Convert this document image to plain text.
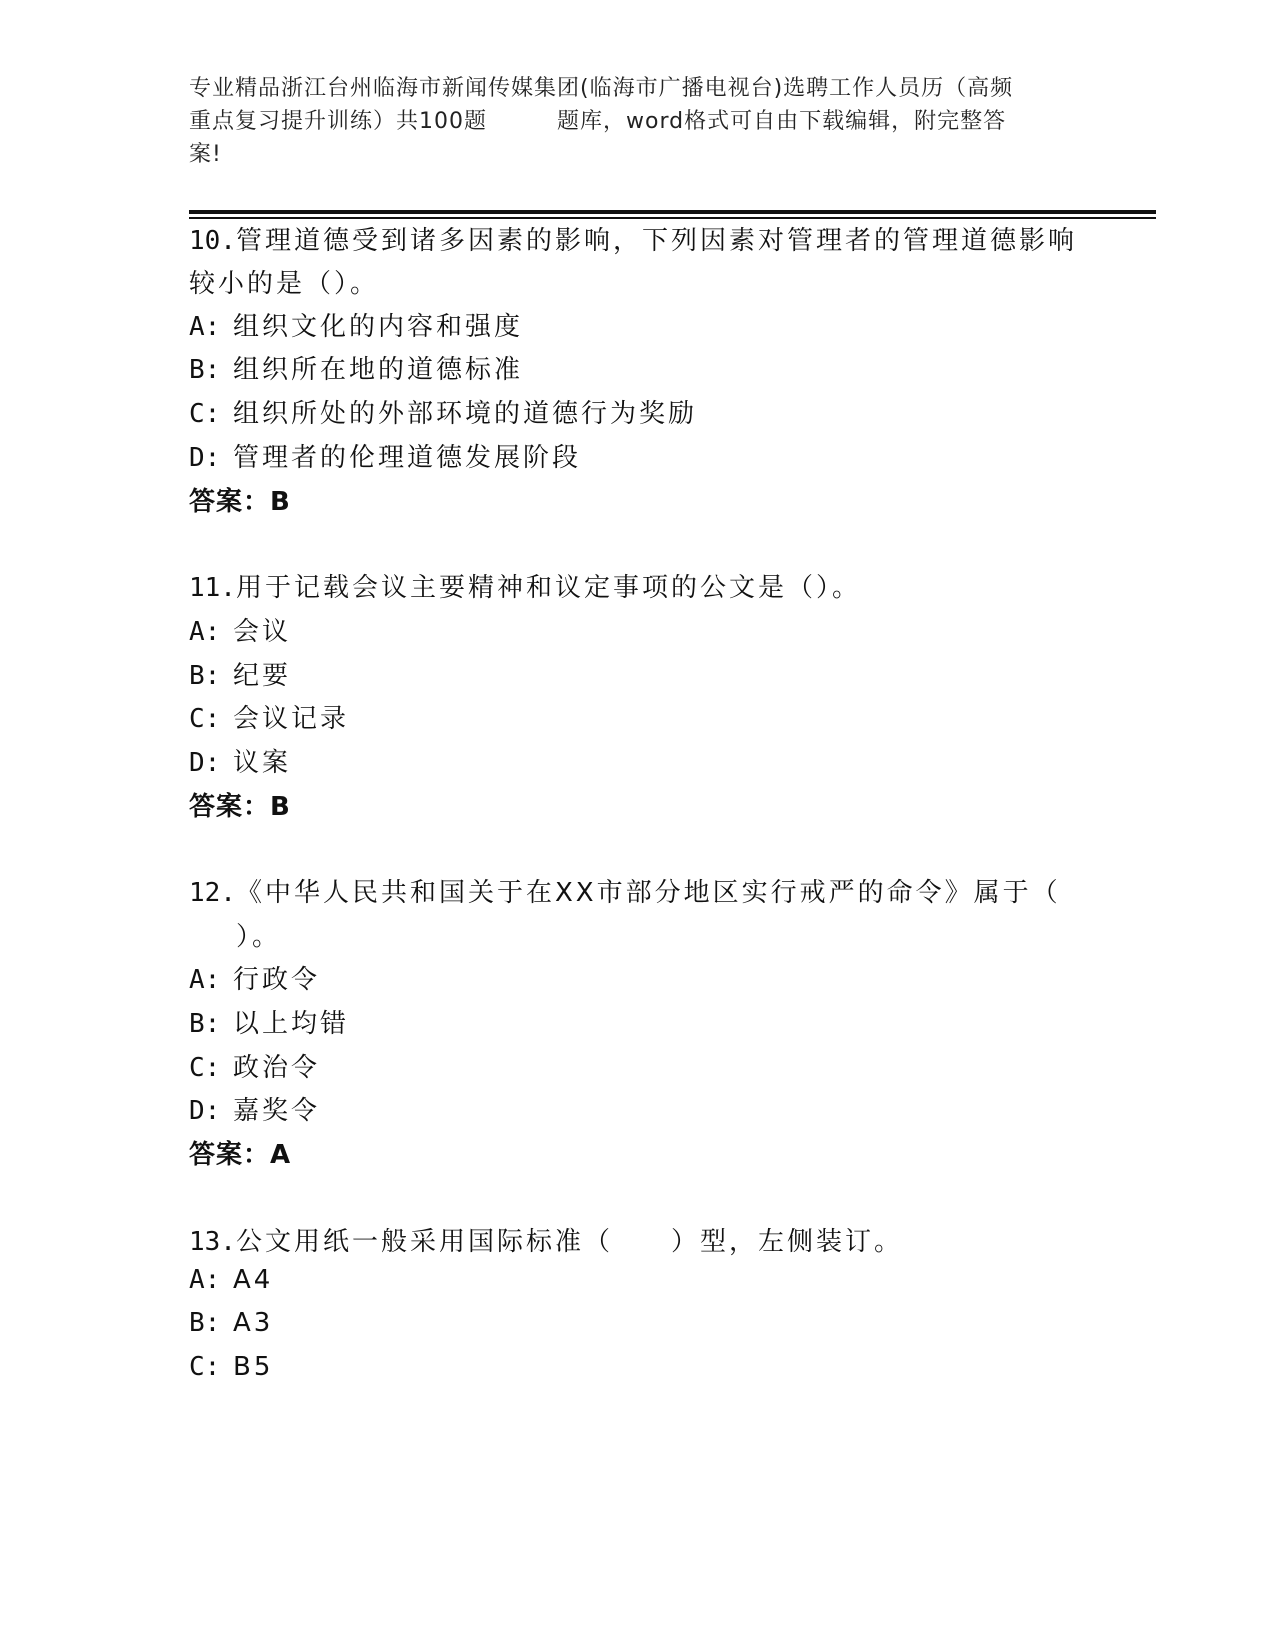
专业精品浙江台州临海市新闻传媒集团(临海市广播电视台)选聘工作人员历（高频
重点复习提升训练）共100题	题库，word格式可自由下载编辑，附完整答
案!
10.管理道德受到诸多因素的影响，下列因素对管理者的管理道德影响
较小的是（）。
A: 组织文化的内容和强度
B: 组织所在地的道德标准
C: 组织所处的外部环境的道德行为奖励
D: 管理者的伦理道德发展阶段
答案：B
11.用于记载会议主要精神和议定事项的公文是（）。
A: 会议
B: 纪要
C: 会议记录
D: 议案
答案：B
12.《中华人民共和国关于在XX市部分地区实行戒严的命令》属于（
）。
A: 行政令
B: 以上均错
C: 政治令
D: 嘉奖令
答案：A
13.公文用纸一般采用国际标准（　　）型，左侧装订。
A: A4
B: A3
C: B5
